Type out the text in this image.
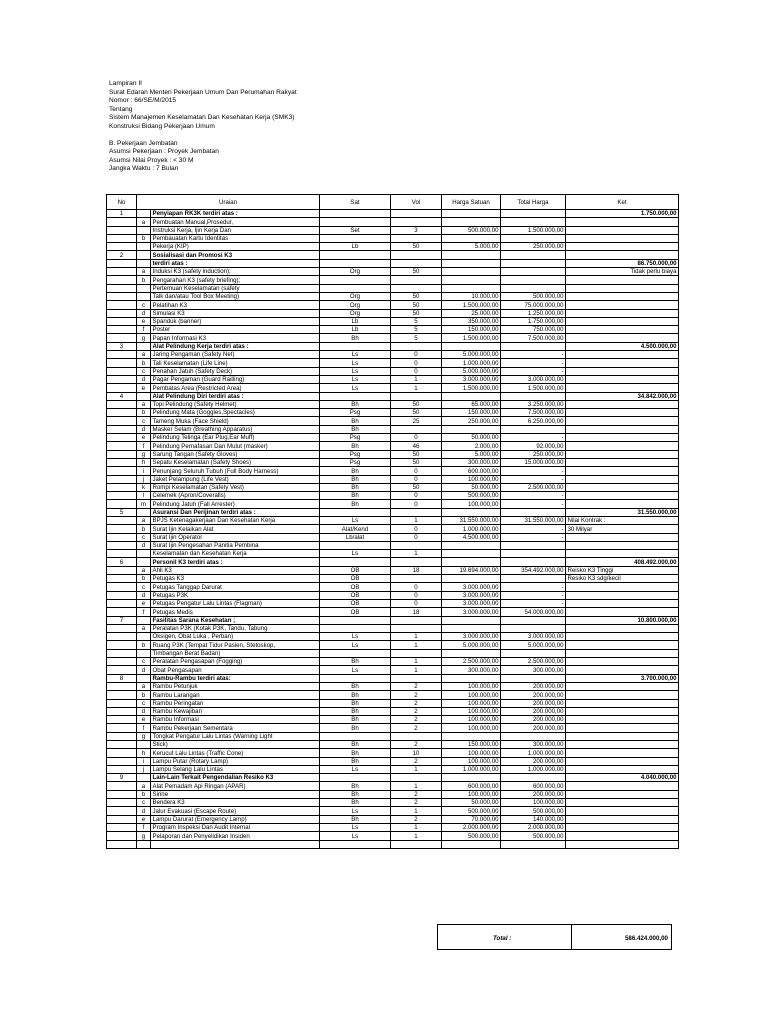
Lampiran II
Surat Edaran Menteri Pekerjaan Umum Dan Perumahan Rakyat
Nomor : 66/SE/M/2015
Tentang
Sistem Manajemen Keselamatan Dan Kesehatan Kerja (SMK3)
Konstruksi Bidang Pekerjaan Umum
B. Pekerjaan Jembatan
Asumsi Pekerjaan : Proyek Jembatan
Asumsi Nilai Proyek : < 30 M
Jangka Waktu : 7 Bulan
No	Uraian		Sat	Vol	Harga Satuan	Total Harga	Ket
1		Penyiapan RK3K terdiri atas :					1.750.000,00
	a	Pembuatan Manual,Prosedur,					
		Instruksi Kerja, Ijin Kerja Dan	Set	3	500.000,00	1.500.000,00	
	b	Pembauatan Kartu Identitas					
		Pekerja (KIP)	Lb	50	5.000,00	250.000,00	
2		Sosialisasi dan Promosi K3					
		terdiri atas :					86.750.000,00
	a	Induksi K3 (safety induction);	Org	50			Tidak perlu biaya
	b	Pengarahan K3 (safety briefing);					
		Pertemuan Keselamatan (safety					
		Talk dan/atau Tool Box Meeting)	Org	50	10.000,00	500.000,00	
	c	Pelatihan K3	Org	50	1.500.000,00	75.000.000,00	
	d	Simulasi K3	Org	50	25.000,00	1.250.000,00	
	e	Spanduk (banner)	Lb	5	350.000,00	1.750.000,00	
	f	Poster	Lb	5	150.000,00	750.000,00	
	g	Papan Informasi K3	Bh	5	1.500.000,00	7.500.000,00	
3		Alat Pelindung Kerja terdiri atas :					4.500.000,00
	a	Jaring Pengaman (Safety Net)	Ls	0	5.000.000,00	-	
	b	Tali Keselamatan (Life Line)	Ls	0	1.000.000,00	-	
	c	Penahan Jatuh (Safety Deck)	Ls	0	5.000.000,00	-	
	d	Pagar Pengaman (Guard Railling)	Ls	1	3.000.000,00	3.000.000,00	
	e	Pembatas Area (Restricted Area)	Ls	1	1.500.000,00	1.500.000,00	
4		Alat Pelindung Diri terdiri atas :					34.842.000,00
	a	Topi Pelindung (Safety Helmet)	Bh	50	65.000,00	3.250.000,00	
	b	Pelindung Mata (Goggles,Spectacles)	Psg	50	150.000,00	7.500.000,00	
	c	Tameng Muka (Face Shield)	Bh	25	250.000,00	6.250.000,00	
	d	Masker Selam (Breathing Apparatus)	Bh				
	e	Pelindung Telinga (Ear Plug,Ear Muff)	Psg	0	50.000,00	-	
	f	Pelindung Pernafasan Dan Mulut (masker)	Bh	46	2.000,00	92.000,00	
	g	Sarung Tangan (Safety Gloves)	Psg	50	5.000,00	250.000,00	
	h	Sepatu Keselamatan (Safety Shoes)	Psg	50	300.000,00	15.000.000,00	
	i	Penunjang Seluruh Tubuh (Full Body Harness)	Bh	0	600.000,00	-	
	j	Jaket Pelampung (Life Vest)	Bh	0	100.000,00	-	
	k	Rompi Keselamatan (Safety Vest)	Bh	50	50.000,00	2.500.000,00	
	l	Celemek (Apron/Coveralls)	Bh	0	500.000,00	-	
	m	Pelindung Jatuh (Fall Arrester)	Bh	0	100.000,00	-	
5		Asuransi Dan Perijinan terdiri atas :					31.550.000,00
	a	BPJS Ketenagakerjaan Dan Kesehatan Kerja	Ls	1	31.550.000,00	31.550.000,00	Nilai Kontrak :
	b	Surat Ijin Kelaikan Alat	Alat/Kend	0	1.000.000,00	-	30 Milyar
	c	Surat Ijin Operator	Lb/alat	0	4.500.000,00	-	
	d	Surat Ijin Pengesahan Panitia Pembina					
		Keselamatan dan Kesehatan Kerja	Ls	1			
6		Personil K3 terdiri atas :					408.492.000,00
	a	Ahli K3	OB	18	19.694.000,00	354.492.000,00	Reisko K3 Tinggi
	b	Petugas K3	OB				Resiko K3 sdg/kecil
	c	Petugas Tanggap Darurat	OB	0	3.000.000,00	-	
	d	Petugas P3K	OB	0	3.000.000,00	-	
	e	Petugas Pengatur Lalu Lintas (Flagman)	OB	0	3.000.000,00	-	
	f	Petugas Medis	OB	18	3.000.000,00	54.000.000,00	
7		Fasilitas Sarana Kesehatan ;					10.800.000,00
	a	Peralatan P3K (Kotak P3K, Tandu, Tabung					
		Oksigen, Obat Luka , Perban)	Ls	1	3.000.000,00	3.000.000,00	
	b	Ruang P3K (Tempat Tidur Pasien, Stetoskop,	Ls	1	5.000.000,00	5.000.000,00	
		Timbangan Berat Badan)					
	c	Peralatan Pengasapan (Fogging)	Bh	1	2.500.000,00	2.500.000,00	
	d	Obat Pengasapan	Ls	1	300.000,00	300.000,00	
8		Rambu-Rambu terdiri atas:					3.700.000,00
	a	Rambu Petunjuk	Bh	2	100.000,00	200.000,00	
	b	Rambu Larangan	Bh	2	100.000,00	200.000,00	
	c	Rambu Peringatan	Bh	2	100.000,00	200.000,00	
	d	Rambu Kewajiban	Bh	2	100.000,00	200.000,00	
	e	Rambu Informasi	Bh	2	100.000,00	200.000,00	
	f	Rambu Pekerjaan Sementara	Bh	2	100.000,00	200.000,00	
	g	Tongkat Pengatur Lalu Lintas (Warning Light					
		Stick)	Bh	2	150.000,00	300.000,00	
	h	Kerucut Lalu Lintas (Traffic Cone)	Bh	10	100.000,00	1.000.000,00	
	i	Lampu Putar (Rotary Lamp)	Bh	2	100.000,00	200.000,00	
	j	Lampu Selang Lalu Lintas	Ls	1	1.000.000,00	1.000.000,00	
9		Lain-Lain Terkait Pengendalian Resiko K3					4.040.000,00
	a	Alat Pemadam Api Ringan (APAR)	Bh	1	600.000,00	600.000,00	
	b	Sirine	Bh	2	100.000,00	200.000,00	
	c	Bendera K3	Bh	2	50.000,00	100.000,00	
	d	Jalur Evakuasi (Escape Route)	Ls	1	500.000,00	500.000,00	
	e	Lampu Darurat (Emergency Lamp)	Bh	2	70.000,00	140.000,00	
	f	Program Inspeksi Dan Audit Internal	Ls	1	2.000.000,00	2.000.000,00	
	g	Pelaporan dan Penyelidikan Insiden	Ls	1	500.000,00	500.000,00	

Total :	586.424.000,00
